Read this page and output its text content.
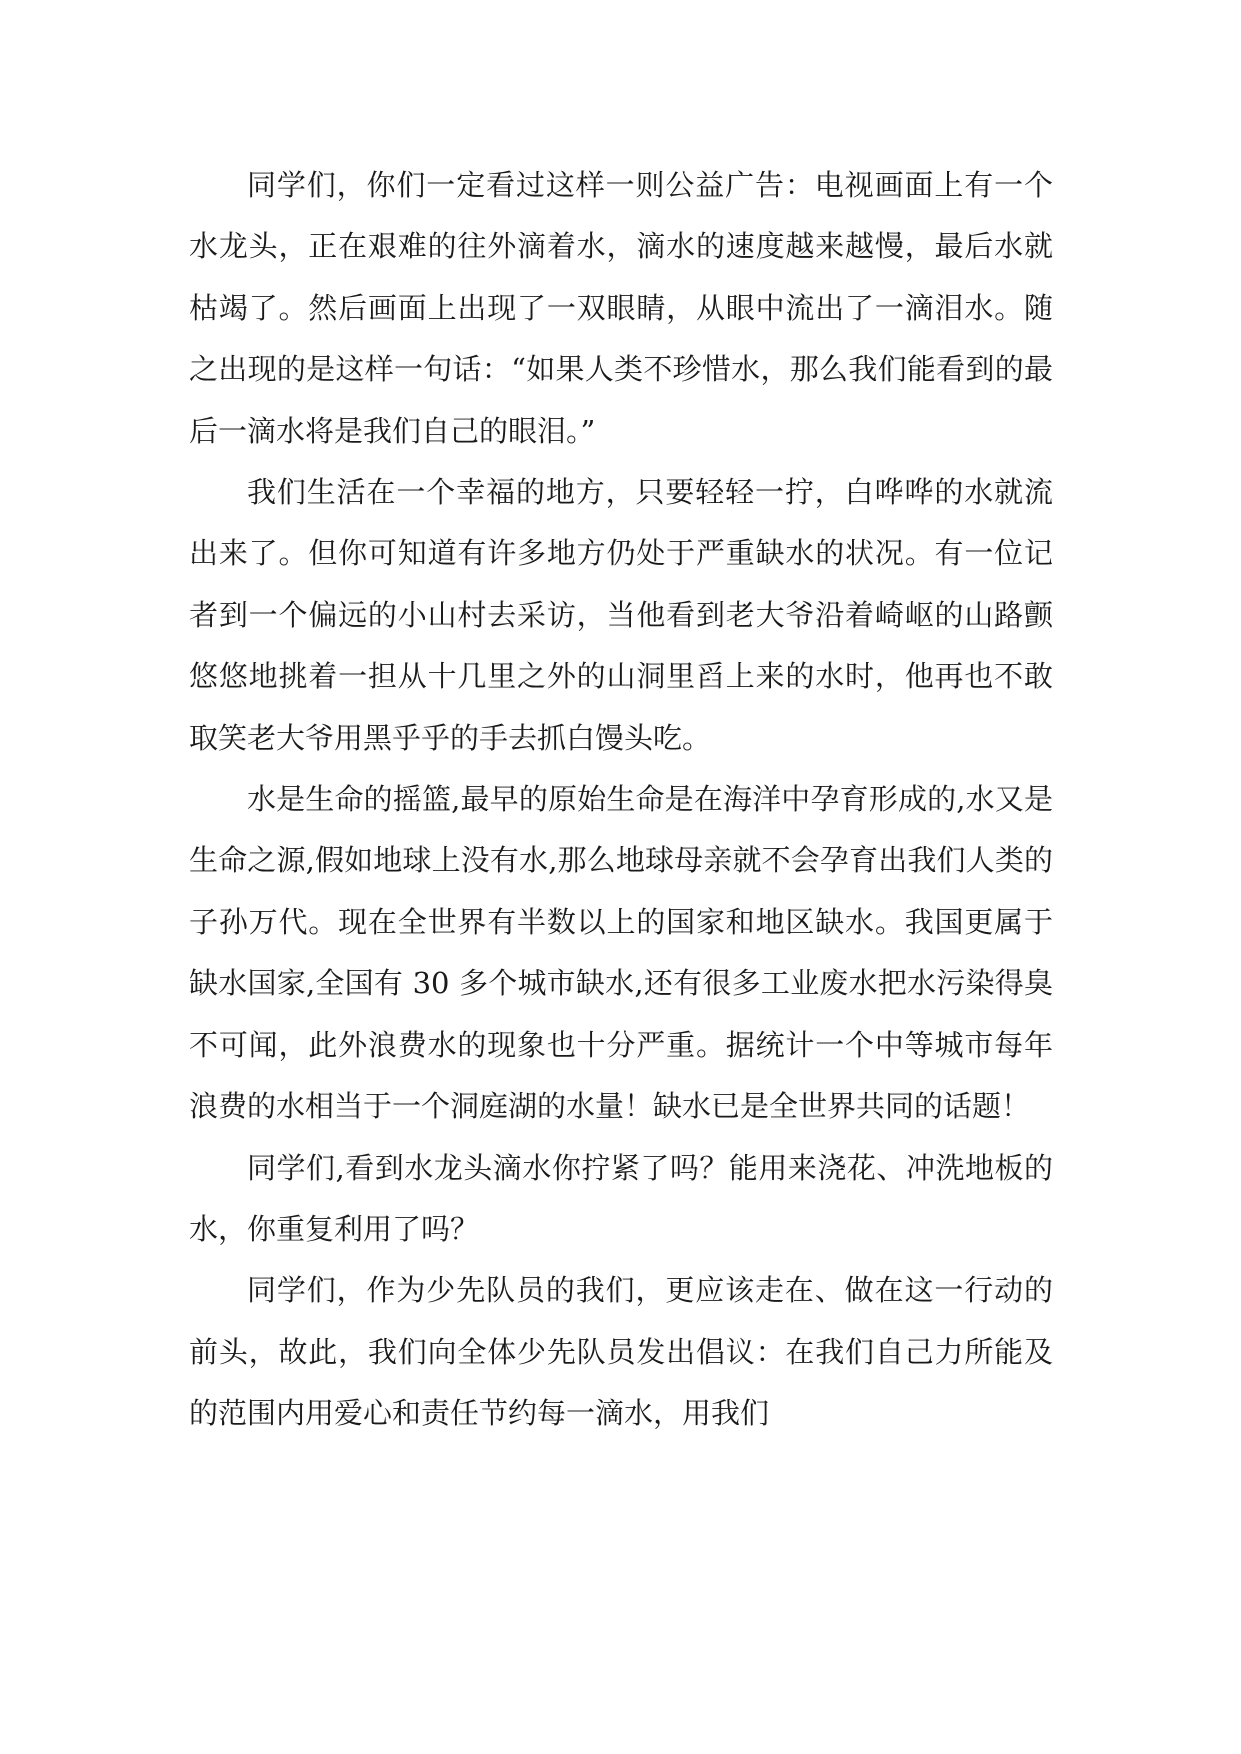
同学们，你们一定看过这样一则公益广告：电视画面上有一个水龙头，正在艰难的往外滴着水，滴水的速度越来越慢，最后水就枯竭了。然后画面上出现了一双眼睛，从眼中流出了一滴泪水。随之出现的是这样一句话：“如果人类不珍惜水，那么我们能看到的最后一滴水将是我们自己的眼泪。”

我们生活在一个幸福的地方，只要轻轻一拧，白哗哗的水就流出来了。但你可知道有许多地方仍处于严重缺水的状况。有一位记者到一个偏远的小山村去采访，当他看到老大爷沿着崎岖的山路颤悠悠地挑着一担从十几里之外的山洞里舀上来的水时，他再也不敢取笑老大爷用黑乎乎的手去抓白馒头吃。

水是生命的摇篮,最早的原始生命是在海洋中孕育形成的,水又是生命之源,假如地球上没有水,那么地球母亲就不会孕育出我们人类的子孙万代。现在全世界有半数以上的国家和地区缺水。我国更属于缺水国家,全国有 30 多个城市缺水,还有很多工业废水把水污染得臭不可闻，此外浪费水的现象也十分严重。据统计一个中等城市每年浪费的水相当于一个洞庭湖的水量！缺水已是全世界共同的话题！

同学们,看到水龙头滴水你拧紧了吗？能用来浇花、冲洗地板的水，你重复利用了吗？

同学们，作为少先队员的我们，更应该走在、做在这一行动的前头，故此，我们向全体少先队员发出倡议：在我们自己力所能及的范围内用爱心和责任节约每一滴水，用我们
